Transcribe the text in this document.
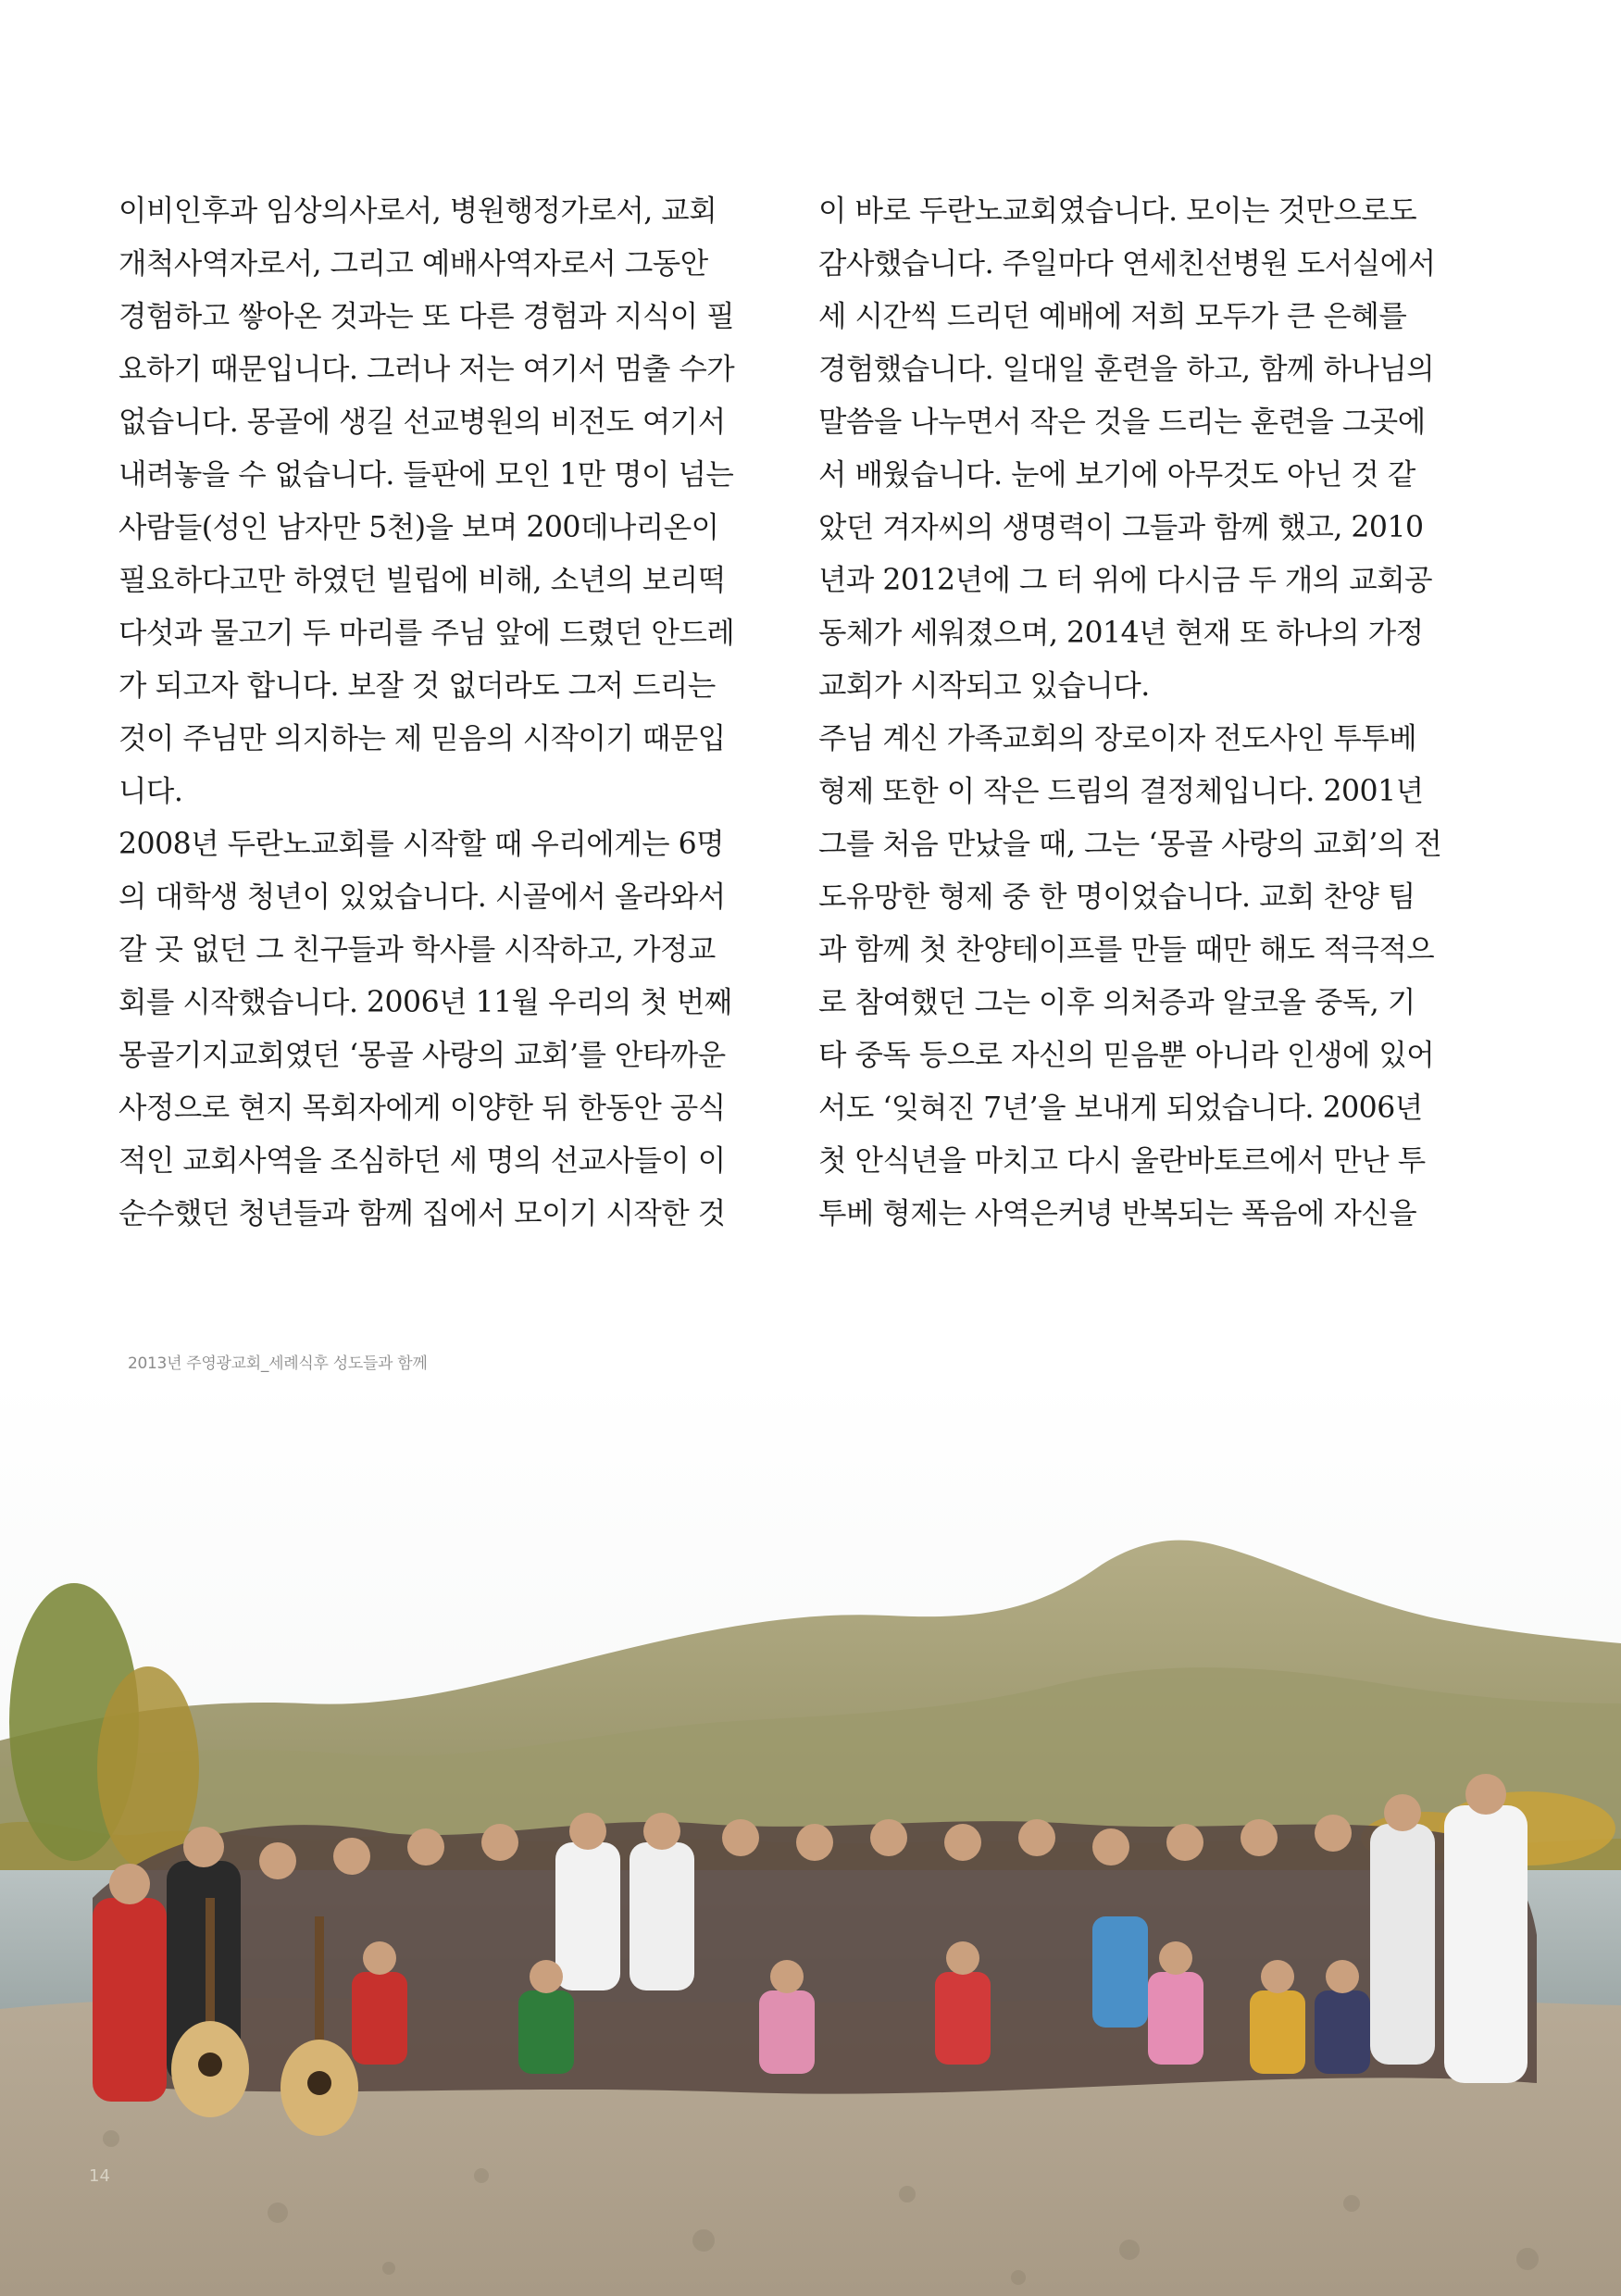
이비인후과 임상의사로서, 병원행정가로서, 교회
개척사역자로서, 그리고 예배사역자로서 그동안
경험하고 쌓아온 것과는 또 다른 경험과 지식이 필
요하기 때문입니다. 그러나 저는 여기서 멈출 수가
없습니다. 몽골에 생길 선교병원의 비전도 여기서
내려놓을 수 없습니다. 들판에 모인 1만 명이 넘는
사람들(성인 남자만 5천)을 보며 200데나리온이
필요하다고만 하였던 빌립에 비해, 소년의 보리떡
다섯과 물고기 두 마리를 주님 앞에 드렸던 안드레
가 되고자 합니다. 보잘 것 없더라도 그저 드리는
것이 주님만 의지하는 제 믿음의 시작이기 때문입
니다.
2008년 두란노교회를 시작할 때 우리에게는 6명
의 대학생 청년이 있었습니다. 시골에서 올라와서
갈 곳 없던 그 친구들과 학사를 시작하고, 가정교
회를 시작했습니다. 2006년 11월 우리의 첫 번째
몽골기지교회였던 ‘몽골 사랑의 교회’를 안타까운
사정으로 현지 목회자에게 이양한 뒤 한동안 공식
적인 교회사역을 조심하던 세 명의 선교사들이 이
순수했던 청년들과 함께 집에서 모이기 시작한 것
이 바로 두란노교회였습니다. 모이는 것만으로도
감사했습니다. 주일마다 연세친선병원 도서실에서
세 시간씩 드리던 예배에 저희 모두가 큰 은혜를
경험했습니다. 일대일 훈련을 하고, 함께 하나님의
말씀을 나누면서 작은 것을 드리는 훈련을 그곳에
서 배웠습니다. 눈에 보기에 아무것도 아닌 것 같
았던 겨자씨의 생명력이 그들과 함께 했고, 2010
년과 2012년에 그 터 위에 다시금 두 개의 교회공
동체가 세워졌으며, 2014년 현재 또 하나의 가정
교회가 시작되고 있습니다.
주님 계신 가족교회의 장로이자 전도사인 투투베
형제 또한 이 작은 드림의 결정체입니다. 2001년
그를 처음 만났을 때, 그는 ‘몽골 사랑의 교회’의 전
도유망한 형제 중 한 명이었습니다. 교회 찬양 팀
과 함께 첫 찬양테이프를 만들 때만 해도 적극적으
로 참여했던 그는 이후 의처증과 알코올 중독, 기
타 중독 등으로 자신의 믿음뿐 아니라 인생에 있어
서도 ‘잊혀진 7년’을 보내게 되었습니다. 2006년
첫 안식년을 마치고 다시 울란바토르에서 만난 투
투베 형제는 사역은커녕 반복되는 폭음에 자신을
2013년 주영광교회_세례식후 성도들과 함께
14
